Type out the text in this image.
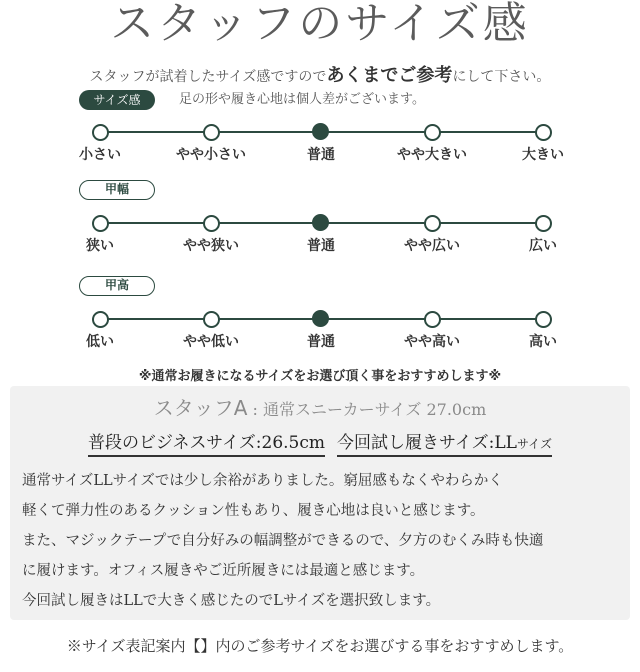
スタッフのサイズ感
スタッフが試着したサイズ感ですのであくまでご参考にして下さい。
サイズ感	足の形や履き心地は個人差がございます。
小さい	やや小さい	普通	やや大きい	大きい
甲幅
狭い	やや狭い	普通	やや広い	広い
甲高
低い	やや低い	普通	やや高い	高い
※通常お履きになるサイズをお選び頂く事をおすすめします※
スタッフA : 通常スニーカーサイズ 27.0cm
普段のビジネスサイズ:26.5cm 今回試し履きサイズ:LLサイズ
通常サイズLLサイズでは少し余裕がありました。窮屈感もなくやわらかく
軽くて弾力性のあるクッション性もあり、履き心地は良いと感じます。
また、マジックテープで自分好みの幅調整ができるので、夕方のむくみ時も快適
に履けます。オフィス履きやご近所履きには最適と感じます。
今回試し履きはLLで大きく感じたのでLサイズを選択致します。
※サイズ表記案内【】内のご参考サイズをお選びする事をおすすめします。
